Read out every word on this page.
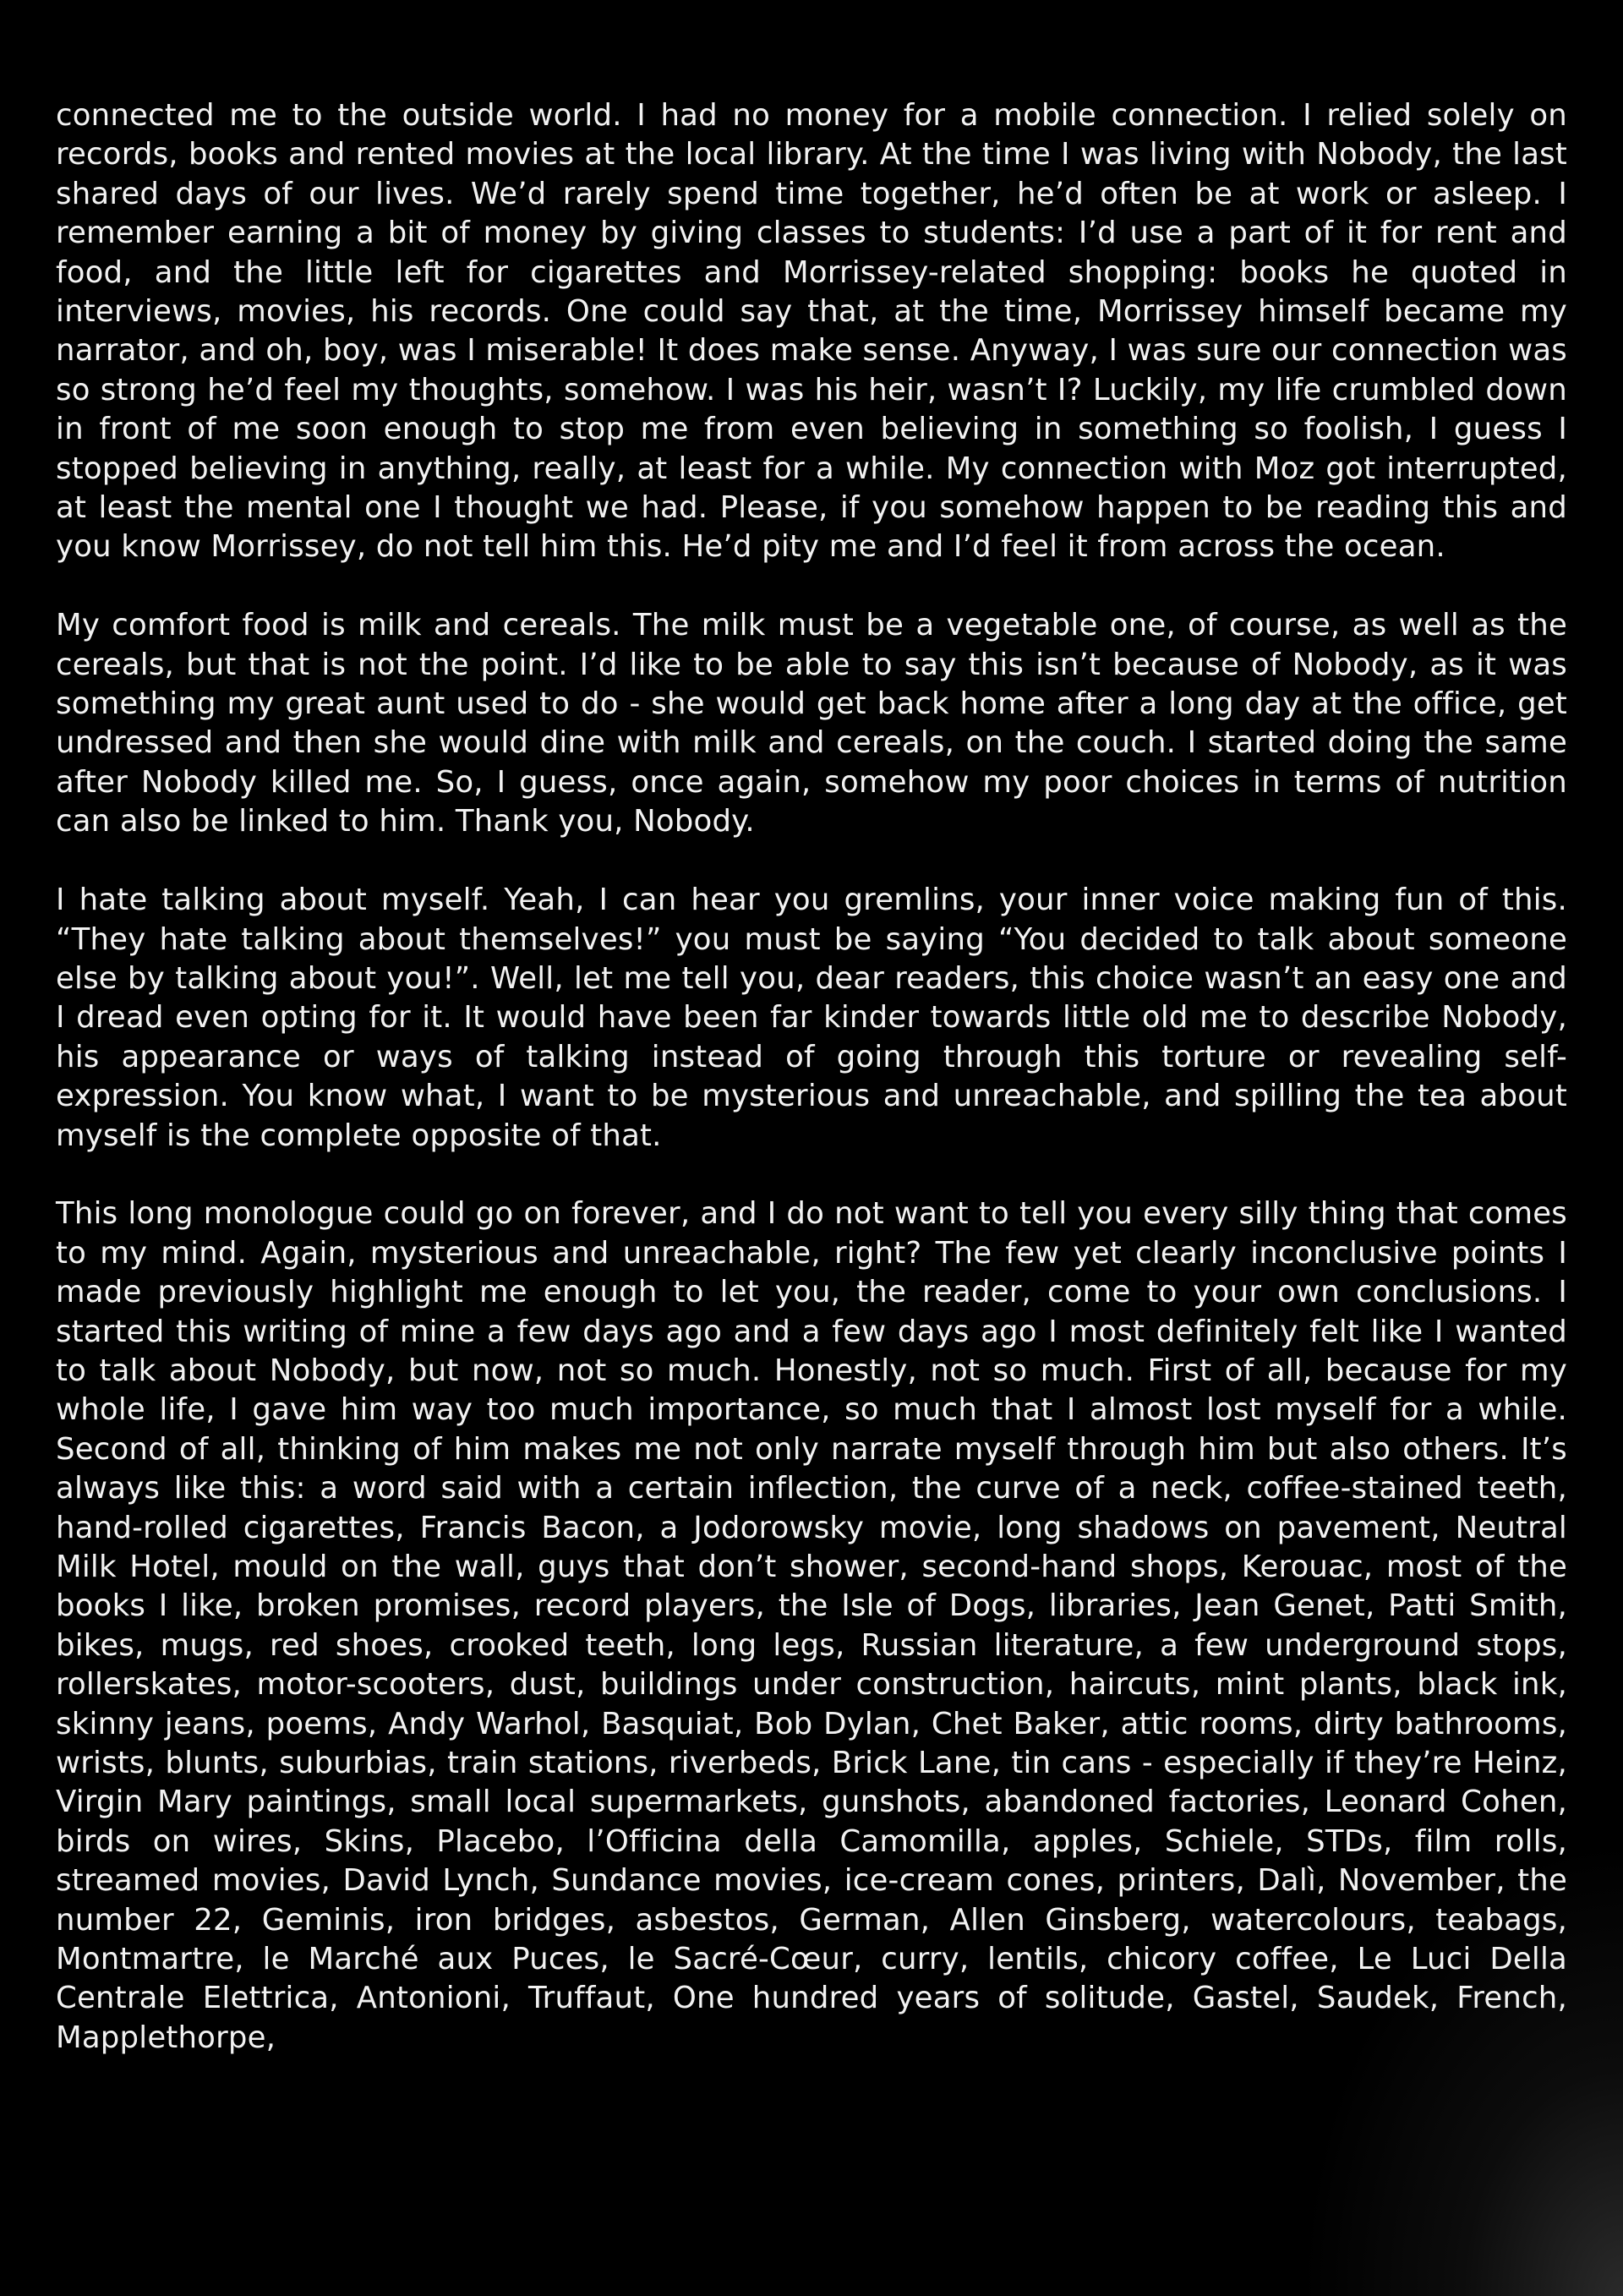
connected me to the outside world. I had no money for a mobile connection. I relied solely on records, books and rented movies at the local library. At the time I was living with Nobody, the last shared days of our lives. We’d rarely spend time together, he’d often be at work or asleep. I remember earning a bit of money by giving classes to students: I’d use a part of it for rent and food, and the little left for cigarettes and Morrissey-related shopping: books he quoted in interviews, movies, his records. One could say that, at the time, Morrissey himself became my narrator, and oh, boy, was I miserable! It does make sense. Anyway, I was sure our connection was so strong he’d feel my thoughts, somehow. I was his heir, wasn’t I? Luckily, my life crumbled down in front of me soon enough to stop me from even believing in something so foolish, I guess I stopped believing in anything, really, at least for a while. My connection with Moz got interrupted, at least the mental one I thought we had. Please, if you somehow happen to be reading this and you know Morrissey, do not tell him this. He’d pity me and I’d feel it from across the ocean.

My comfort food is milk and cereals. The milk must be a vegetable one, of course, as well as the cereals, but that is not the point. I’d like to be able to say this isn’t because of Nobody, as it was something my great aunt used to do - she would get back home after a long day at the office, get undressed and then she would dine with milk and cereals, on the couch. I started doing the same after Nobody killed me. So, I guess, once again, somehow my poor choices in terms of nutrition can also be linked to him. Thank you, Nobody.

I hate talking about myself. Yeah, I can hear you gremlins, your inner voice making fun of this. “They hate talking about themselves!” you must be saying “You decided to talk about someone else by talking about you!”. Well, let me tell you, dear readers, this choice wasn’t an easy one and I dread even opting for it. It would have been far kinder towards little old me to describe Nobody, his appearance or ways of talking instead of going through this torture or revealing self-expression. You know what, I want to be mysterious and unreachable, and spilling the tea about myself is the complete opposite of that.

This long monologue could go on forever, and I do not want to tell you every silly thing that comes to my mind. Again, mysterious and unreachable, right? The few yet clearly inconclusive points I made previously highlight me enough to let you, the reader, come to your own conclusions. I started this writing of mine a few days ago and a few days ago I most definitely felt like I wanted to talk about Nobody, but now, not so much. Honestly, not so much. First of all, because for my whole life, I gave him way too much importance, so much that I almost lost myself for a while. Second of all, thinking of him makes me not only narrate myself through him but also others. It’s always like this: a word said with a certain inflection, the curve of a neck, coffee-stained teeth, hand-rolled cigarettes, Francis Bacon, a Jodorowsky movie, long shadows on pavement, Neutral Milk Hotel, mould on the wall, guys that don’t shower, second-hand shops, Kerouac, most of the books I like, broken promises, record players, the Isle of Dogs, libraries, Jean Genet, Patti Smith, bikes, mugs, red shoes, crooked teeth, long legs, Russian literature, a few underground stops, rollerskates, motor-scooters, dust, buildings under construction, haircuts, mint plants, black ink, skinny jeans, poems, Andy Warhol, Basquiat, Bob Dylan, Chet Baker, attic rooms, dirty bathrooms, wrists, blunts, suburbias, train stations, riverbeds, Brick Lane, tin cans - especially if they’re Heinz, Virgin Mary paintings, small local supermarkets, gunshots, abandoned factories, Leonard Cohen, birds on wires, Skins, Placebo, l’Officina della Camomilla, apples, Schiele, STDs, film rolls, streamed movies, David Lynch, Sundance movies, ice-cream cones, printers, Dalì, November, the number 22, Geminis, iron bridges, asbestos, German, Allen Ginsberg, watercolours, teabags, Montmartre, le Marché aux Puces, le Sacré-Cœur, curry, lentils, chicory coffee, Le Luci Della Centrale Elettrica, Antonioni, Truffaut, One hundred years of solitude, Gastel, Saudek, French, Mapplethorpe,
